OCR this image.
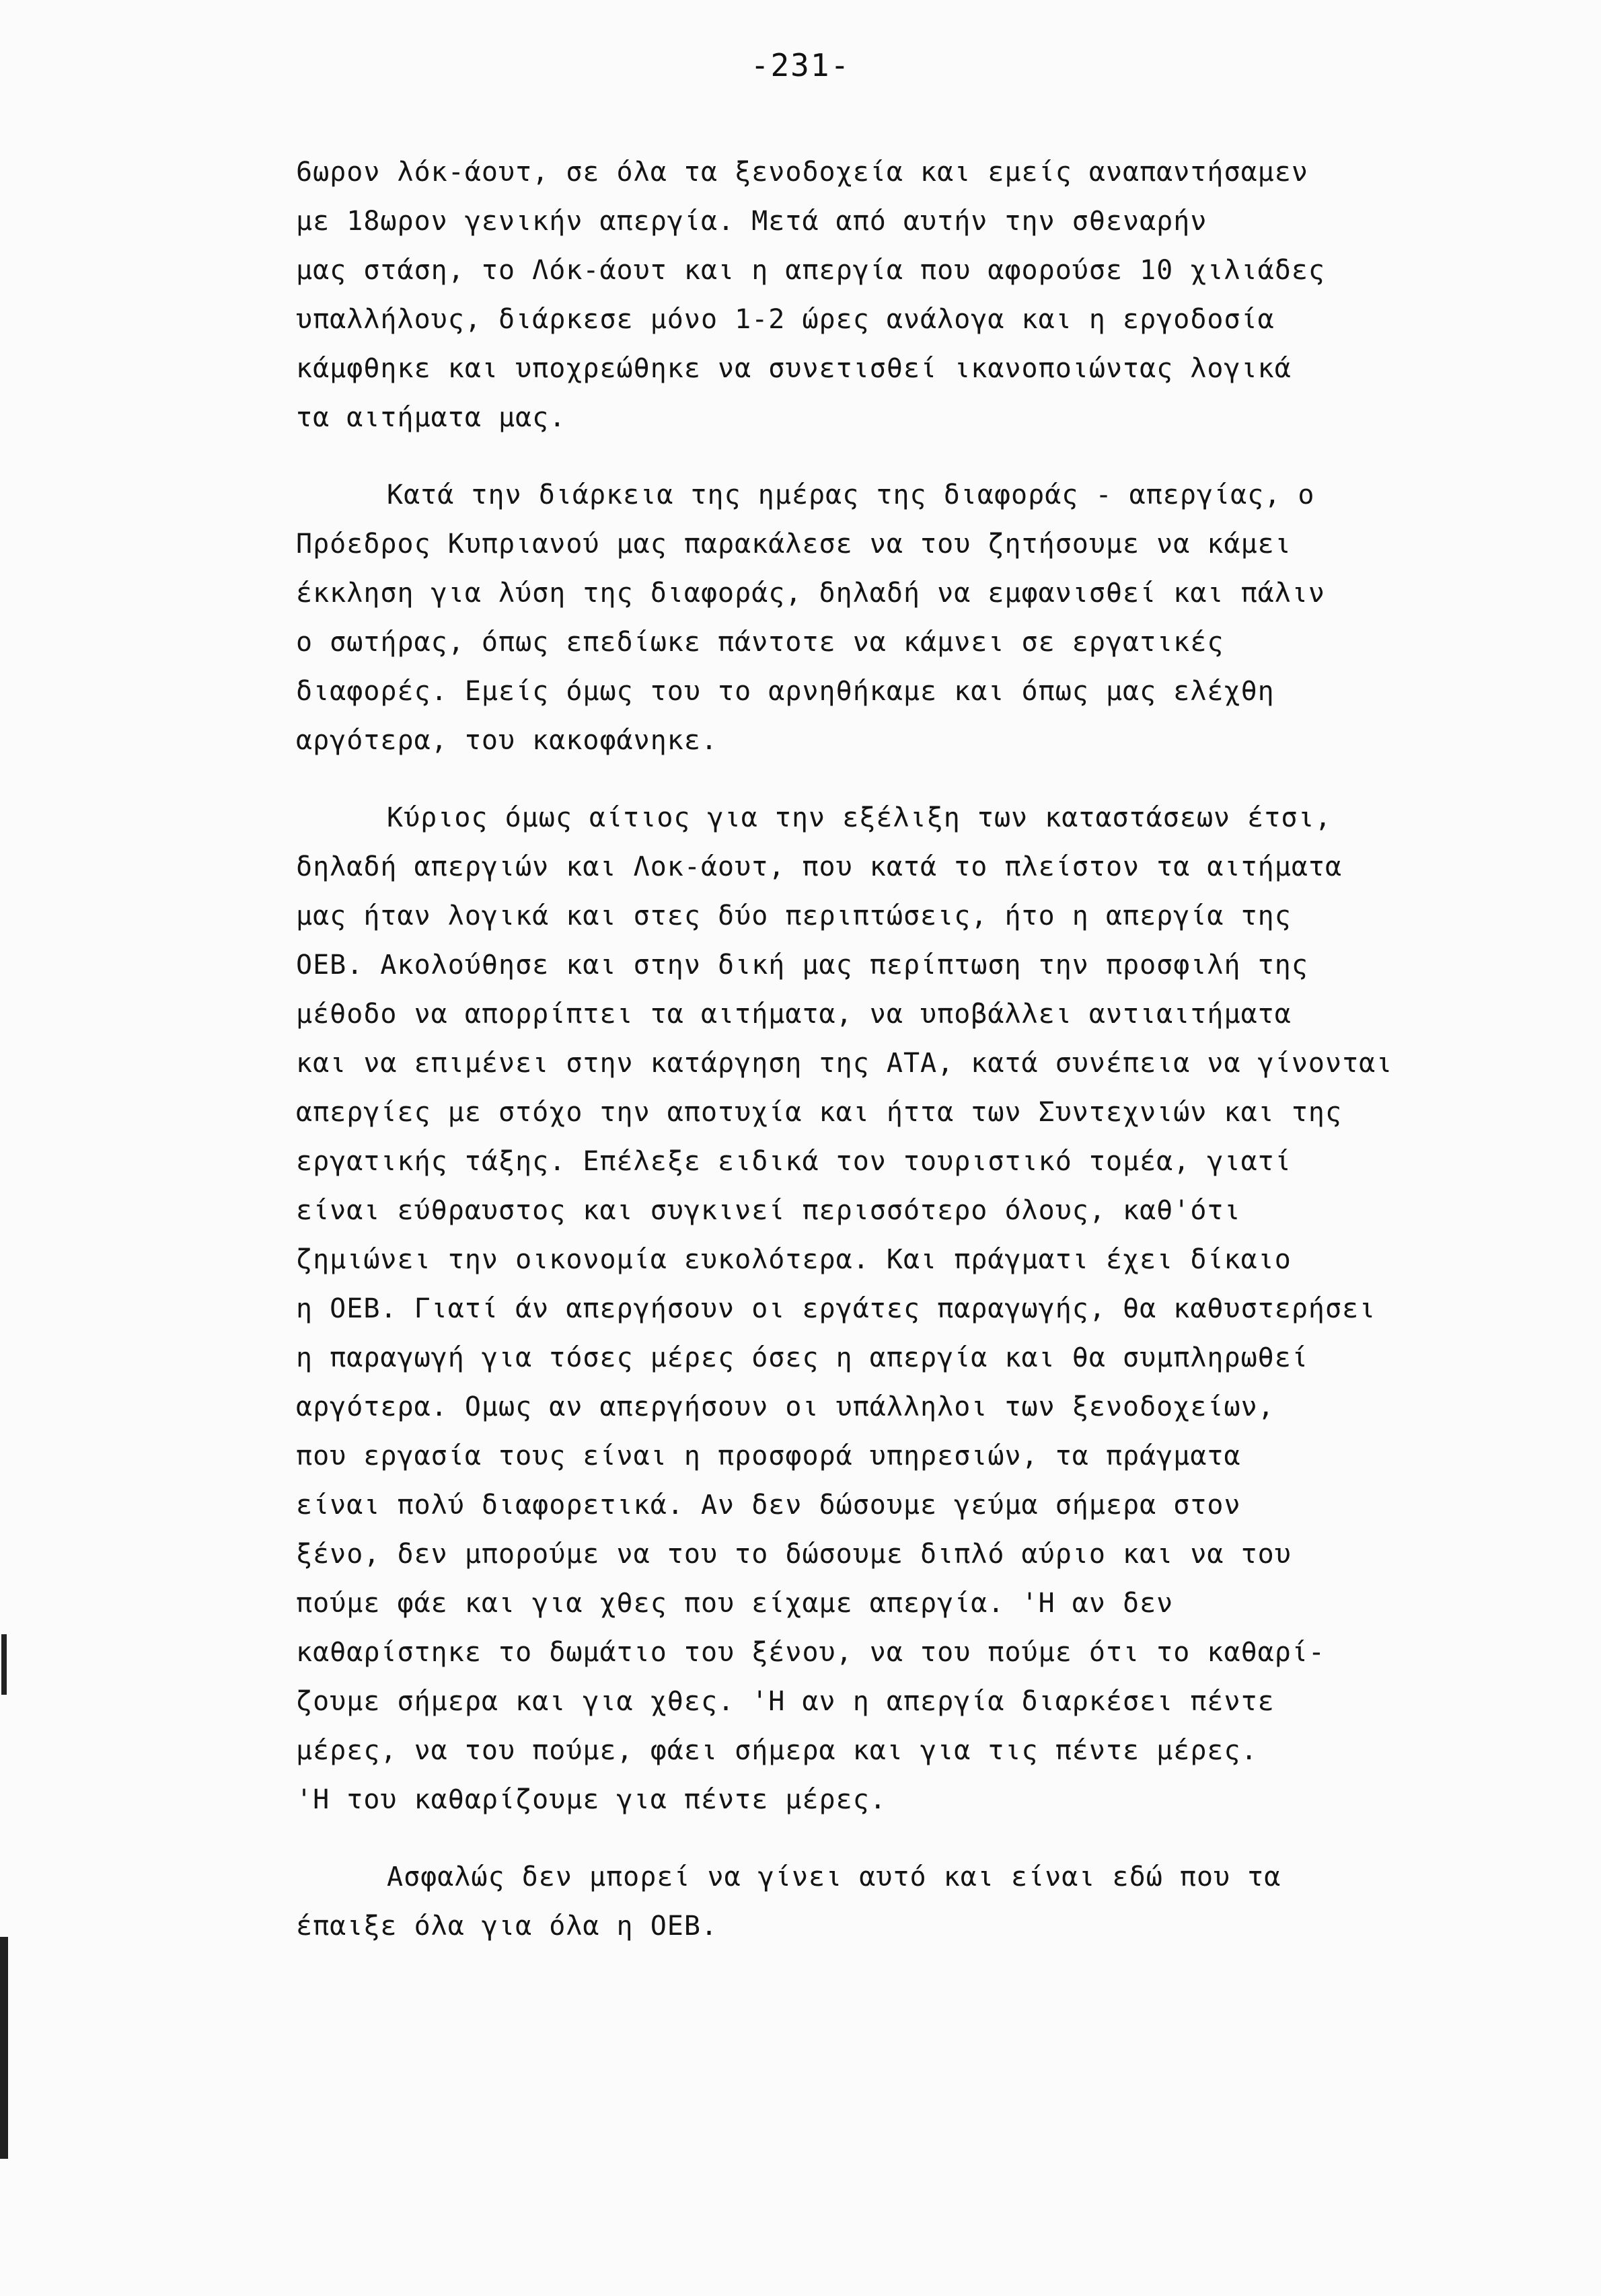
-231-
6ωρον λόκ-άουτ, σε όλα τα ξενοδοχεία και εμείς αναπαντήσαμεν
με 18ωρον γενικήν απεργία. Μετά από αυτήν την σθεναρήν
μας στάση, το Λόκ-άουτ και η απεργία που αφορούσε 10 χιλιάδες
υπαλλήλους, διάρκεσε μόνο 1-2 ώρες ανάλογα και η εργοδοσία
κάμφθηκε και υποχρεώθηκε να συνετισθεί ικανοποιώντας λογικά
τα αιτήματα μας.
Κατά την διάρκεια της ημέρας της διαφοράς - απεργίας, ο
Πρόεδρος Κυπριανού μας παρακάλεσε να του ζητήσουμε να κάμει
έκκληση για λύση της διαφοράς, δηλαδή να εμφανισθεί και πάλιν
ο σωτήρας, όπως επεδίωκε πάντοτε να κάμνει σε εργατικές
διαφορές. Εμείς όμως του το αρνηθήκαμε και όπως μας ελέχθη
αργότερα, του κακοφάνηκε.
Κύριος όμως αίτιος για την εξέλιξη των καταστάσεων έτσι,
δηλαδή απεργιών και Λοκ-άουτ, που κατά το πλείστον τα αιτήματα
μας ήταν λογικά και στες δύο περιπτώσεις, ήτο η απεργία της
ΟΕΒ. Ακολούθησε και στην δική μας περίπτωση την προσφιλή της
μέθοδο να απορρίπτει τα αιτήματα, να υποβάλλει αντιαιτήματα
και να επιμένει στην κατάργηση της ΑΤΑ, κατά συνέπεια να γίνονται
απεργίες με στόχο την αποτυχία και ήττα των Συντεχνιών και της
εργατικής τάξης. Επέλεξε ειδικά τον τουριστικό τομέα, γιατί
είναι εύθραυστος και συγκινεί περισσότερο όλους, καθ'ότι
ζημιώνει την οικονομία ευκολότερα. Και πράγματι έχει δίκαιο
η ΟΕΒ. Γιατί άν απεργήσουν οι εργάτες παραγωγής, θα καθυστερήσει
η παραγωγή για τόσες μέρες όσες η απεργία και θα συμπληρωθεί
αργότερα. Ομως αν απεργήσουν οι υπάλληλοι των ξενοδοχείων,
που εργασία τους είναι η προσφορά υπηρεσιών, τα πράγματα
είναι πολύ διαφορετικά. Αν δεν δώσουμε γεύμα σήμερα στον
ξένο, δεν μπορούμε να του το δώσουμε διπλό αύριο και να του
πούμε φάε και για χθες που είχαμε απεργία. 'Η αν δεν
καθαρίστηκε το δωμάτιο του ξένου, να του πούμε ότι το καθαρί-
ζουμε σήμερα και για χθες. 'Η αν η απεργία διαρκέσει πέντε
μέρες, να του πούμε, φάει σήμερα και για τις πέντε μέρες.
'Η του καθαρίζουμε για πέντε μέρες.
Ασφαλώς δεν μπορεί να γίνει αυτό και είναι εδώ που τα
έπαιξε όλα για όλα η ΟΕΒ.
